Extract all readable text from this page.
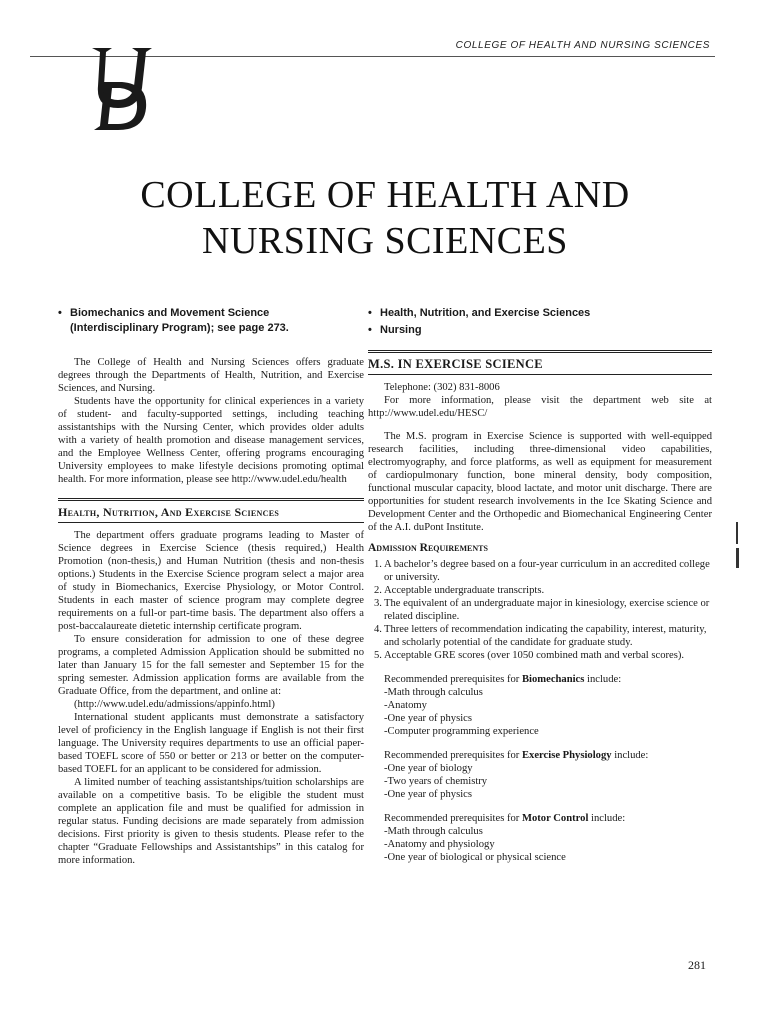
COLLEGE OF HEALTH AND NURSING SCIENCES
COLLEGE OF HEALTH AND
NURSING SCIENCES
• Biomechanics and Movement Science
(Interdisciplinary Program); see page 273.

The College of Health and Nursing Sciences offers graduate degrees through the Departments of Health, Nutrition, and Exercise Sciences, and Nursing.

Students have the opportunity for clinical experiences in a variety of student- and faculty-supported settings, including teaching assistantships with the Nursing Center, which provides older adults with a variety of health promotion and disease management services, and the Employee Wellness Center, offering programs encouraging University employees to make lifestyle decisions promoting optimal health. For more information, please see http://www.udel.edu/health

Health, Nutrition, And Exercise Sciences

The department offers graduate programs leading to Master of Science degrees in Exercise Science (thesis required,) Health Promotion (non-thesis,) and Human Nutrition (thesis and non-thesis options.) Students in the Exercise Science program select a major area of study in Biomechanics, Exercise Physiology, or Motor Control. Students in each master of science program may complete degree requirements on a full-or part-time basis. The department also offers a post-baccalaureate dietetic internship certificate program.

To ensure consideration for admission to one of these degree programs, a completed Admission Application should be submitted no later than January 15 for the fall semester and September 15 for the spring semester. Admission application forms are available from the Graduate Office, from the department, and online at:

(http://www.udel.edu/admissions/appinfo.html)

International student applicants must demonstrate a satisfactory level of proficiency in the English language if English is not their first language. The University requires departments to use an official paper-based TOEFL score of 550 or better or 213 or better on the computer-based TOEFL for an applicant to be considered for admission.

A limited number of teaching assistantships/tuition scholarships are available on a competitive basis. To be eligible the student must complete an application file and must be qualified for admission in regular status. Funding decisions are made separately from admission decisions. First priority is given to thesis students. Please refer to the chapter “Graduate Fellowships and Assistantships” in this catalog for more information.

• Health, Nutrition, and Exercise Sciences
• Nursing
M.S. IN EXERCISE SCIENCE

Telephone: (302) 831-8006

For more information, please visit the department web site at http://www.udel.edu/HESC/

The M.S. program in Exercise Science is supported with well-equipped research facilities, including three-dimensional video capabilities, electromyography, and force platforms, as well as equipment for measurement of cardiopulmonary function, bone mineral density, body composition, functional muscular capacity, blood lactate, and motor unit discharge. There are opportunities for student research involvements in the Ice Skating Science and Development Center and the Orthopedic and Biomechanical Engineering Center of the A.I. duPont Institute.

Admission Requirements
1. A bachelor’s degree based on a four-year curriculum in an accredited college or university.
2. Acceptable undergraduate transcripts.
3. The equivalent of an undergraduate major in kinesiology, exercise science or related discipline.
4. Three letters of recommendation indicating the capability, interest, maturity, and scholarly potential of the candidate for graduate study.
5. Acceptable GRE scores (over 1050 combined math and verbal scores).
Recommended prerequisites for Biomechanics include:
-Math through calculus
-Anatomy
-One year of physics
-Computer programming experience
Recommended prerequisites for Exercise Physiology include:
-One year of biology
-Two years of chemistry
-One year of physics
Recommended prerequisites for Motor Control include:
-Math through calculus
-Anatomy and physiology
-One year of biological or physical science
281
